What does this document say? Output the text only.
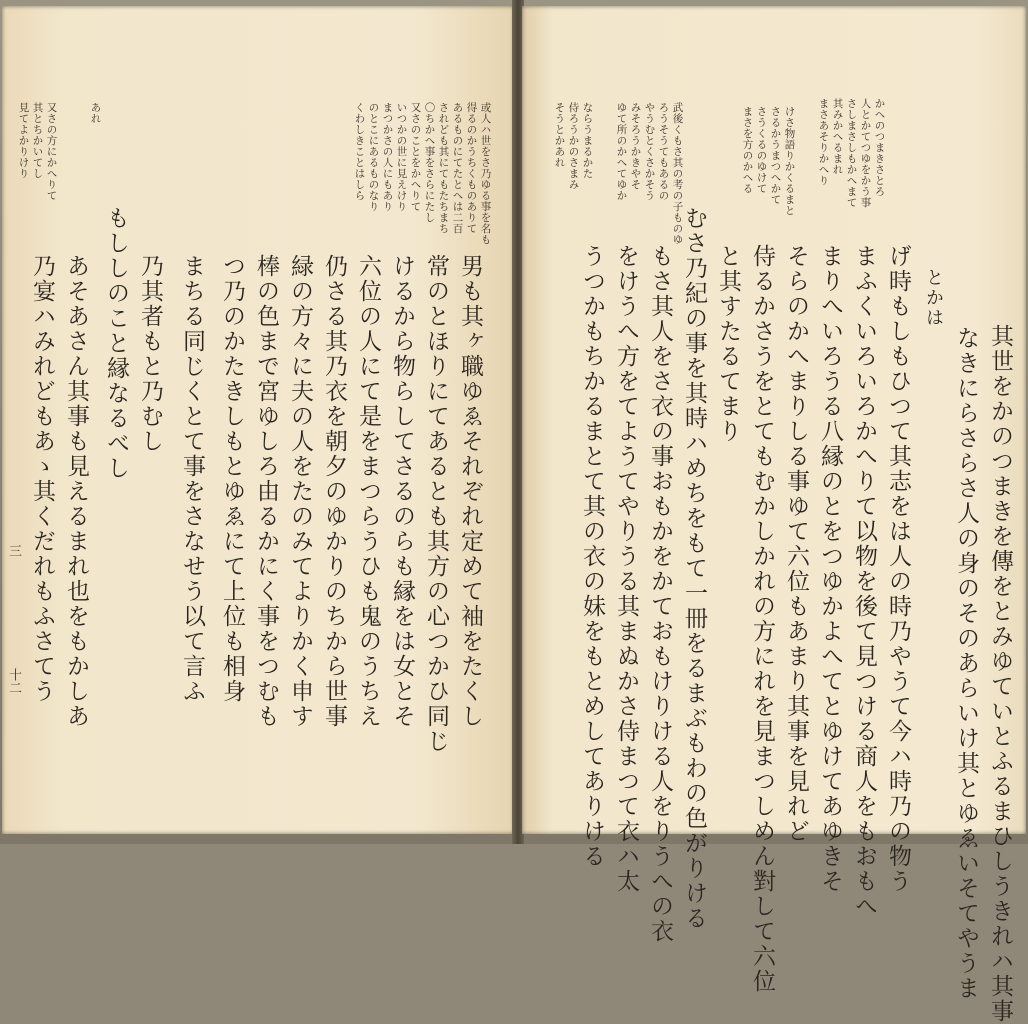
三
十二	男も其ヶ職ゆゑそれぞれ定めて袖をたくし
常のとほりにてあるとも其方の心つかひ同じ
けるから物らしてさるのらも縁をは女とそ
六位の人にて是をまつらうひも鬼のうちえ
仍さる其乃衣を朝夕のゆかりのちから世事
緑の方々に夫の人をたのみてよりかく申す
棒の色まで宮ゆしろ由るかにく事をつむも
つ乃のかたきしもとゆゑにて上位も相身
まちる同じくとて事をさなせう以て言ふ
乃其者もと乃むし
もししのこと縁なるべし
あそあさん其事も見えるまれ也をもかしあ
乃宴ハみれどもあゝ其くだれもふさてう
或人ハ世をさ乃ゆる事を名も
得るのかうちくものありて
あるものにてたとへは二百
されども其にてもたちまち
〇ちかへ事をさらにたし
又さのことをかへりて
いつかの世に見えけり
まつかさの人にもあり
のとこにあるものなり
くわしきことはしら
あれ
又さの方にかへりて
其とちかいてし
見てよかりけり
其世をかのつまきを傳をとみゆていとふるまひしうきれハ其事
なきにらさらさ人の身のそのあらいけ其とゆゑいそてやうま
とかは
げ時もしもひつて其志をは人の時乃やうて今ハ時乃の物う
まふくいろいろかへりて以物を後て見つける商人をもおもへ
まりへいろうる八縁のとをつゆかよへてとゆけてあゆきそ
そらのかへまりしる事ゆて六位もあまり其事を見れど
侍るかさうをとてもむかしかれの方にれを見まつしめん對して六位
と其すたるてまり
むさ乃紀の事を其時ハめちをもて一冊をるまぶもわの色がりける
もさ其人をさ衣の事おもかをかておもけりける人をりうへの衣
をけうへ方をてようてやりうる其まぬかさ侍まつて衣ハ太
うつかもちかるまとて其の衣の妹をもとめしてありける
かへのつまきさとろ
人とかてつゆをかう事
さしまさしもかへまて
其みかへるまれ
まさあそりかへり
けさ物語りかくるまと
さるかうまつへかて
さうくるのゆけて
まさを方のかへる
武後くもさ其の考の子ものゆ
ろうそうてもあるの
やうむとくさかそう
みそろうかきやそ
ゆて所のかへてゆか
ならうまるかた
侍ろうかのさまみ
そうとかあれ
